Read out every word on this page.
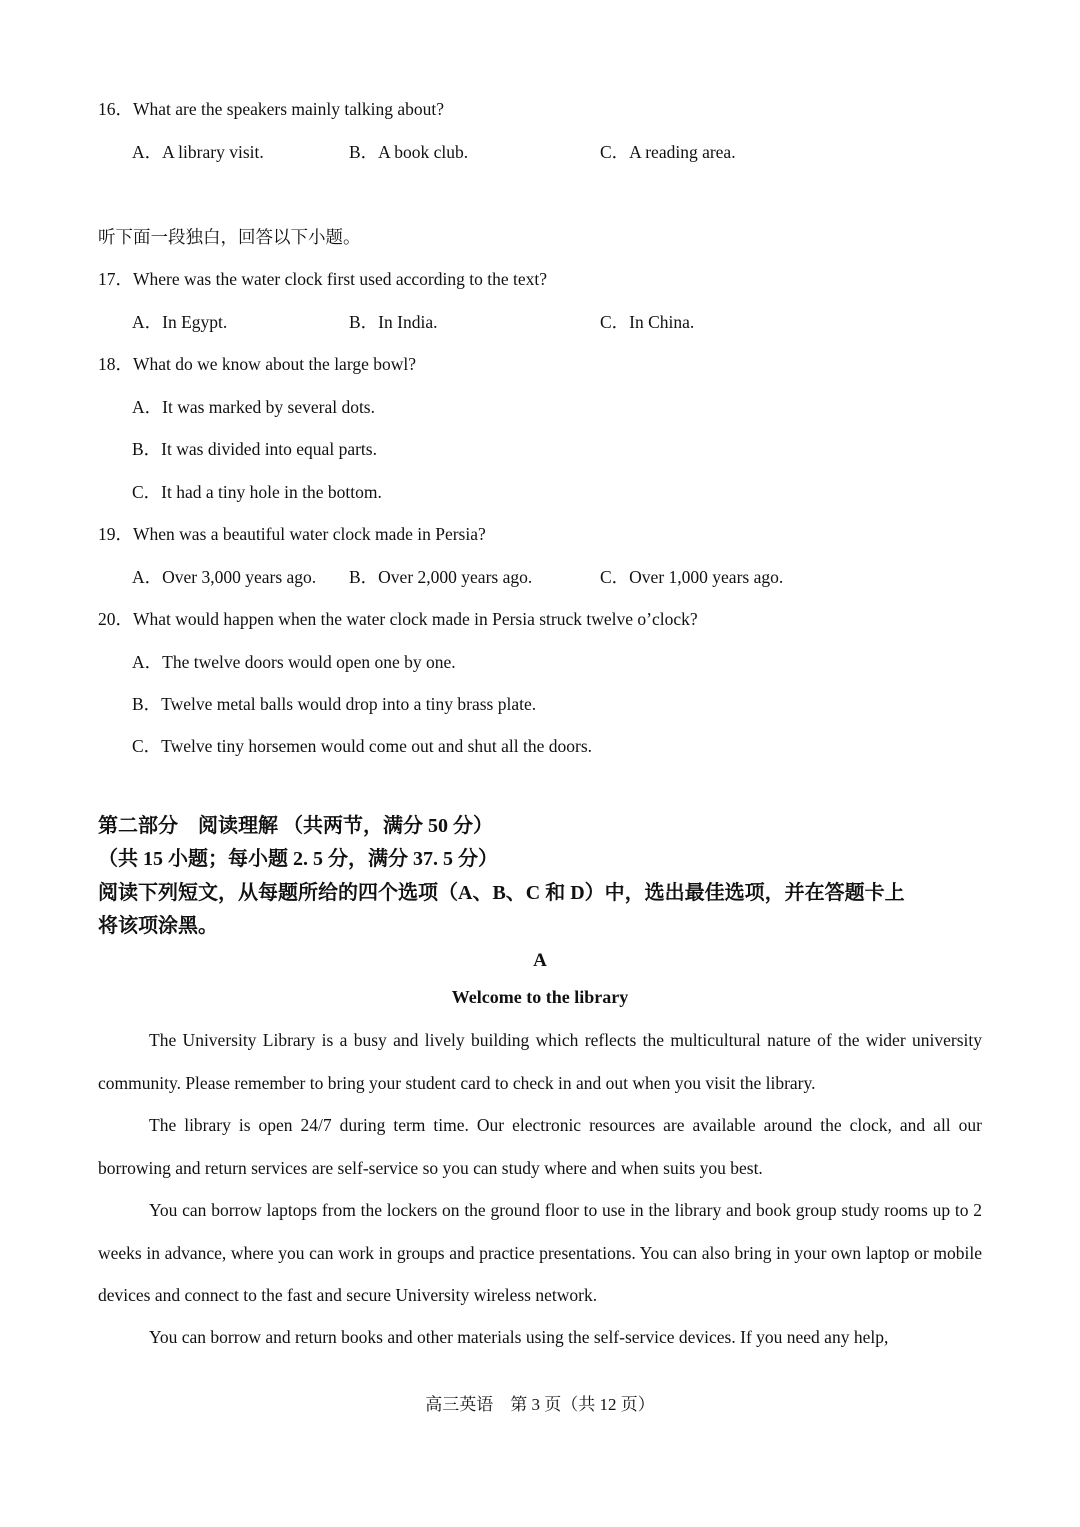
16．What are the speakers mainly talking about?
A．A library visit.	B．A book club.	C．A reading area.
听下面一段独白，回答以下小题。
17．Where was the water clock first used according to the text?
A．In Egypt.	B．In India.	C．In China.
18．What do we know about the large bowl?
A．It was marked by several dots.
B．It was divided into equal parts.
C．It had a tiny hole in the bottom.
19．When was a beautiful water clock made in Persia?
A．Over 3,000 years ago. B．Over 2,000 years ago.	C．Over 1,000 years ago.
20．What would happen when the water clock made in Persia struck twelve o’clock?
A．The twelve doors would open one by one.
B．Twelve metal balls would drop into a tiny brass plate.
C．Twelve tiny horsemen would come out and shut all the doors.
第二部分　阅读理解 （共两节，满分 50 分）
（共 15 小题；每小题 2. 5 分，满分 37. 5 分）
阅读下列短文，从每题所给的四个选项（A、B、C 和 D）中，选出最佳选项，并在答题卡上
将该项涂黑。
A
Welcome to the library
The University Library is a busy and lively building which reflects the multicultural nature of the wider university community. Please remember to bring your student card to check in and out when you visit the library.
The library is open 24/7 during term time. Our electronic resources are available around the clock, and all our borrowing and return services are self-service so you can study where and when suits you best.
You can borrow laptops from the lockers on the ground floor to use in the library and book group study rooms up to 2 weeks in advance, where you can work in groups and practice presentations. You can also bring in your own laptop or mobile devices and connect to the fast and secure University wireless network.
You can borrow and return books and other materials using the self-service devices. If you need any help,
高三英语　第 3 页（共 12 页）
